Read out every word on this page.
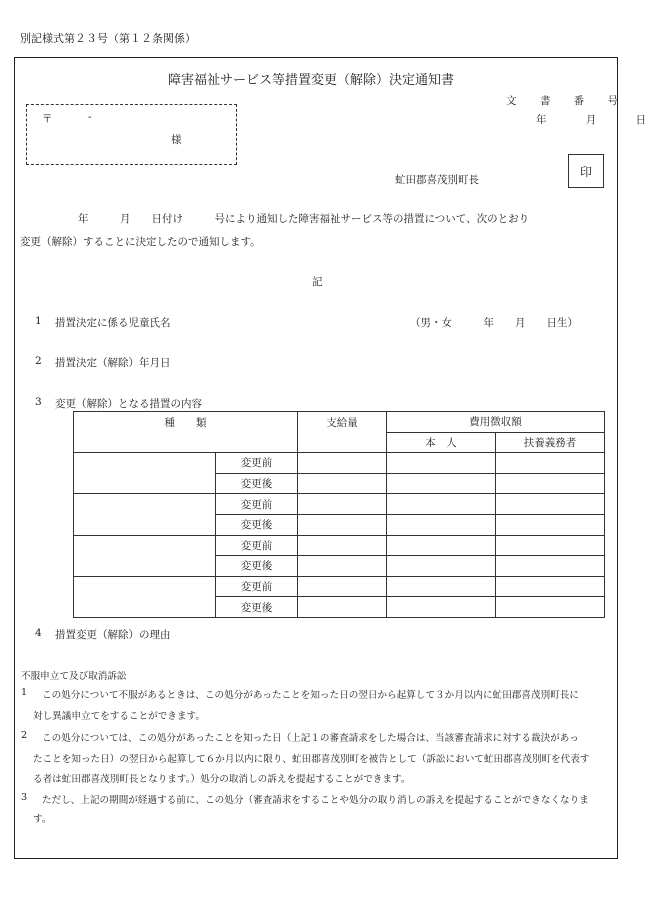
別記様式第２３号（第１２条関係）
障害福祉サービス等措置変更（解除）決定通知書
文 書 番 号
年 月 日
〒	-
様
虻田郡喜茂別町長
印
年　　　月　　日付け　　　号により通知した障害福祉サービス等の措置について、次のとおり
変更（解除）することに決定したので通知します。
記
1 措置決定に係る児童氏名	（男・女　　　年　　月　　日生）
2 措置決定（解除）年月日
3 変更（解除）となる措置の内容
種　　類		支給量	費用徴収額	
			本　人	扶養義務者
	変更前			
	変更後			
	変更前			
	変更後			
	変更前			
	変更後			
	変更前			
	変更後			
4 措置変更（解除）の理由
不服申立て及び取消訴訟
1 この処分について不服があるときは、この処分があったことを知った日の翌日から起算して３か月以内に虻田郡喜茂別町長に
対し異議申立てをすることができます。
2 この処分については、この処分があったことを知った日（上記１の審査請求をした場合は、当該審査請求に対する裁決があっ
たことを知った日）の翌日から起算して６か月以内に限り、虻田郡喜茂別町を被告として（訴訟において虻田郡喜茂別町を代表す
る者は虻田郡喜茂別町長となります。）処分の取消しの訴えを提起することができます。
3 ただし、上記の期間が経過する前に、この処分（審査請求をすることや処分の取り消しの訴えを提起することができなくなりま
す。
